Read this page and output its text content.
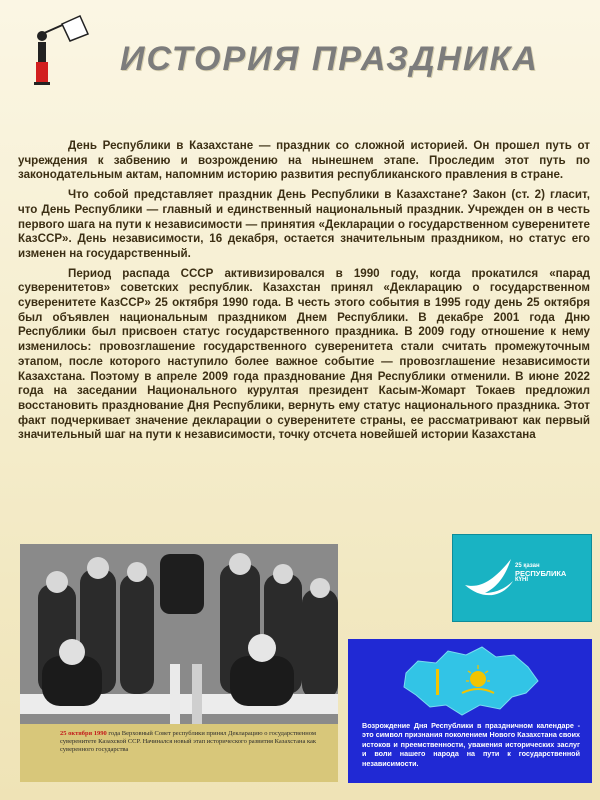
ИСТОРИЯ ПРАЗДНИКА

День Республики в Казахстане — праздник со сложной историей. Он прошел путь от учреждения к забвению и возрождению на нынешнем этапе. Проследим этот путь по законодательным актам, напомним историю развития республиканского правления в стране.

Что собой представляет праздник День Республики в Казахстане? Закон (ст. 2) гласит, что День Республики — главный и единственный национальный праздник. Учрежден он в честь первого шага на пути к независимости — принятия «Декларации о государственном суверенитете КазССР». День независимости, 16 декабря, остается значительным праздником, но статус его изменен на государственный.

Период распада СССР активизировался в 1990 году, когда прокатился «парад суверенитетов» советских республик. Казахстан принял «Декларацию о государственном суверенитете КазССР» 25 октября 1990 года. В честь этого события в 1995 году день 25 октября был объявлен национальным праздником Днем Республики. В декабре 2001 года Дню Республики был присвоен статус государственного праздника. В 2009 году отношение к нему изменилось: провозглашение государственного суверенитета стали считать промежуточным этапом, после которого наступило более важное событие — провозглашение независимости Казахстана. Поэтому в апреле 2009 года празднование Дня Республики отменили. В июне 2022 года на заседании Национального курултая президент Касым-Жомарт Токаев предложил восстановить празднование Дня Республики, вернуть ему статус национального праздника. Этот факт подчеркивает значение декларации о суверенитете страны, ее рассматривают как первый значительный шаг на пути к независимости, точку отсчета новейшей истории Казахстана

25 октября 1990 года Верховный Совет республики принял Декларацию о государственном суверенитете Казахской ССР. Начинался новый этап исторического развития Казахстана как суверенного государства
25 қазан
РЕСПУБЛИКА
КҮНІ
Возрождение Дня Республики в праздничном календаре - это символ признания поколением Нового Казахстана своих истоков и преемственности, уважения исторических заслуг и воли нашего народа на пути к государственной независимости.
